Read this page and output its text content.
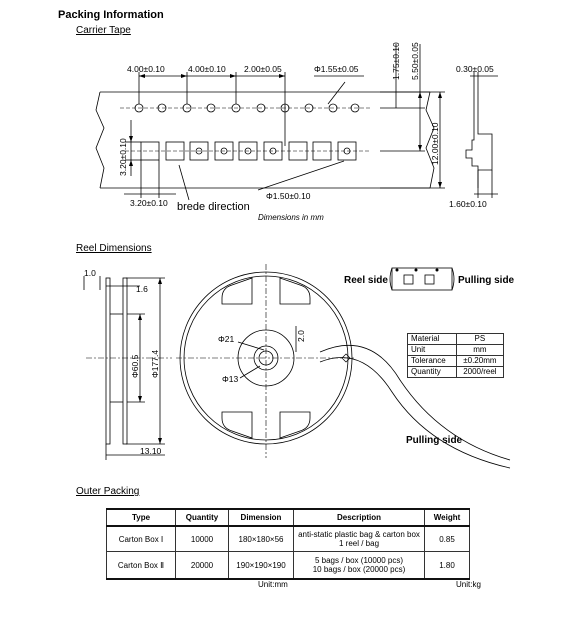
Packing Information
Carrier Tape
4.00±0.10	4.00±0.10 2.00±0.05	Φ1.55±0.05	0.30±0.05
1.60±0.10
3.20±0.10
Φ1.50±0.10
1.75±0.10 5.50±0.05
12.00±0.10
3.20±0.10
brede direction
Dimensions in mm
Reel Dimensions
1.0
1.6
Φ60.5 Φ177.4
13.10
Φ21
Φ13
2.0
Reel side	Pulling side
Pulling side
Material	PS
Unit	mm
Tolerance	±0.20mm
Quantity	2000/reel
Outer Packing
Type	Quantity	Dimension	Description	Weight
Carton Box Ⅰ	10000	180×180×56	anti-static plastic bag & carton box
1 reel / bag	0.85
Carton Box Ⅱ	20000	190×190×190	5 bags / box (10000 pcs)
10 bags / box (20000 pcs)	1.80
Unit:mm	Unit:kg
